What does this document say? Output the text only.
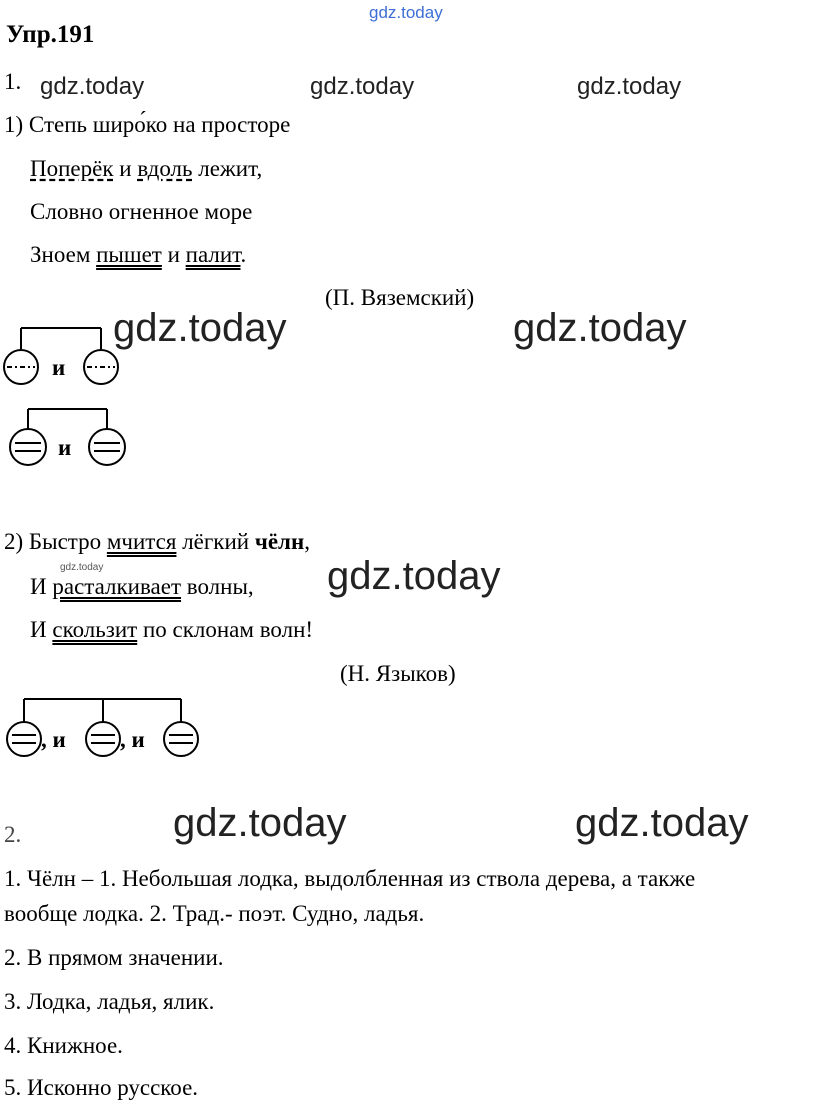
gdz.today
Упр.191
1. gdz.today	gdz.today	gdz.today
1) Степь широ́ко на просторе
Поперёк и вдоль лежит,
Словно огненное море
Зноем пышет и палит.
(П. Вяземский)
gdz.today	gdz.today
и
и
2) Быстро мчится лёгкий чёлн,
gdz.today
И расталкивает волны, gdz.today
И скользит по склонам волн!
(Н. Языков)
, и , и
2.	gdz.today	gdz.today
1. Чёлн – 1. Небольшая лодка, выдолбленная из ствола дерева, а также
вообще лодка. 2. Трад.- поэт. Судно, ладья.
2. В прямом значении.
3. Лодка, ладья, ялик.
4. Книжное.
5. Исконно русское.
